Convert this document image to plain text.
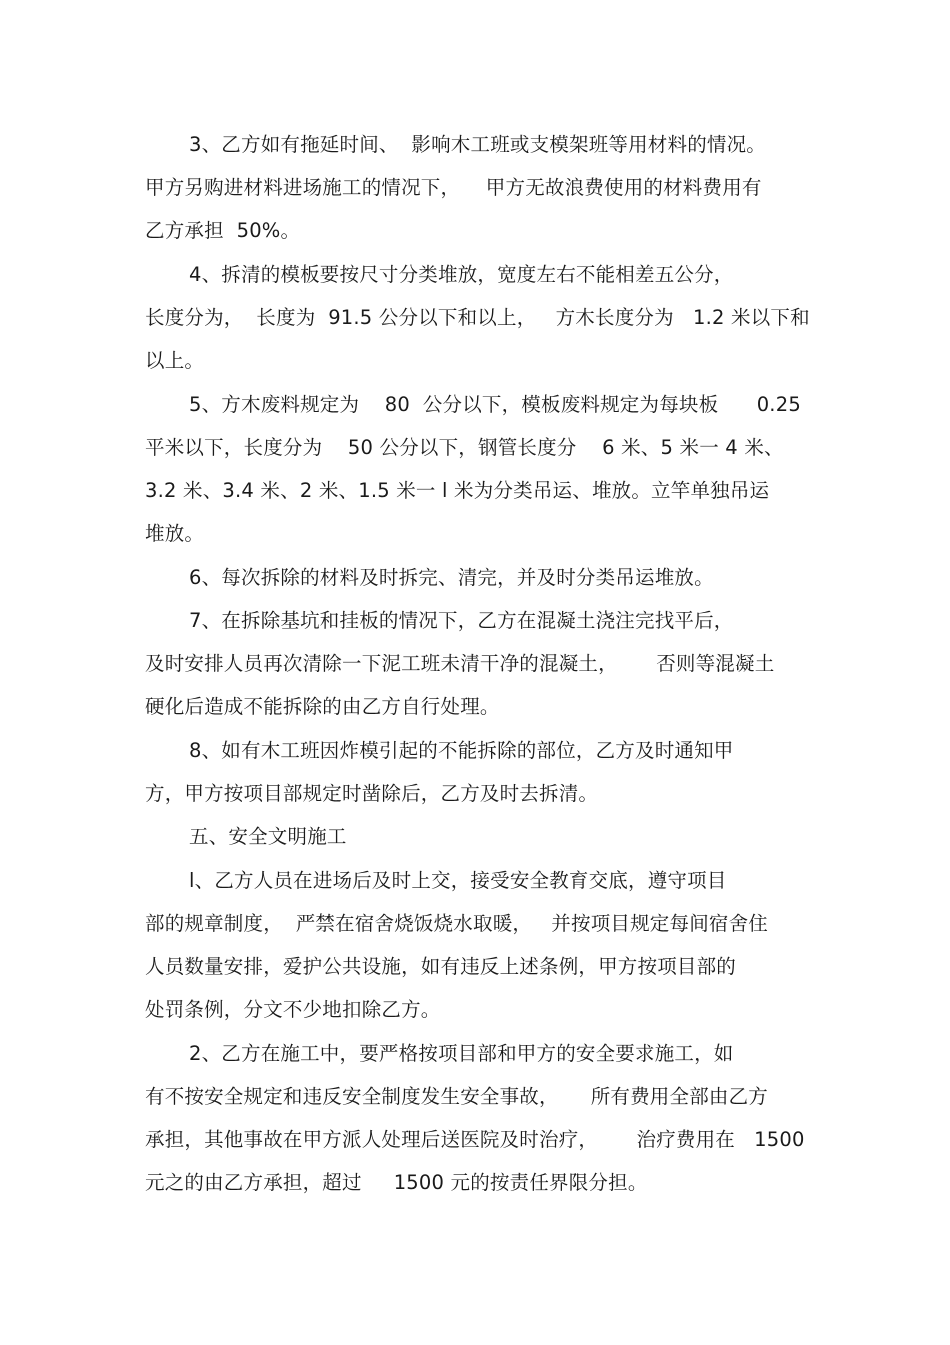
3、乙方如有拖延时间、  影响木工班或支模架班等用材料的情况。
甲方另购进材料进场施工的情况下，    甲方无故浪费使用的材料费用有
乙方承担  50%。
4、拆清的模板要按尺寸分类堆放，宽度左右不能相差五公分，
长度分为，  长度为  91.5 公分以下和以上，   方木长度分为   1.2 米以下和
以上。
5、方木废料规定为    80  公分以下，模板废料规定为每块板      0.25
平米以下，长度分为    50 公分以下，钢管长度分    6 米、5 米一 4 米、
3.2 米、3.4 米、2 米、1.5 米一 l 米为分类吊运、堆放。立竿单独吊运
堆放。
6、每次拆除的材料及时拆完、清完，并及时分类吊运堆放。
7、在拆除基坑和挂板的情况下，乙方在混凝土浇注完找平后，
及时安排人员再次清除一下泥工班未清干净的混凝土，      否则等混凝土
硬化后造成不能拆除的由乙方自行处理。
8、如有木工班因炸模引起的不能拆除的部位，乙方及时通知甲
方，甲方按项目部规定时凿除后，乙方及时去拆清。
五、安全文明施工
l、乙方人员在进场后及时上交，接受安全教育交底，遵守项目
部的规章制度，  严禁在宿舍烧饭烧水取暖，   并按项目规定每间宿舍住
人员数量安排，爱护公共设施，如有违反上述条例，甲方按项目部的
处罚条例，分文不少地扣除乙方。
2、乙方在施工中，要严格按项目部和甲方的安全要求施工，如
有不按安全规定和违反安全制度发生安全事故，     所有费用全部由乙方
承担，其他事故在甲方派人处理后送医院及时治疗，      治疗费用在   1500
元之的由乙方承担，超过     1500 元的按责任界限分担。
